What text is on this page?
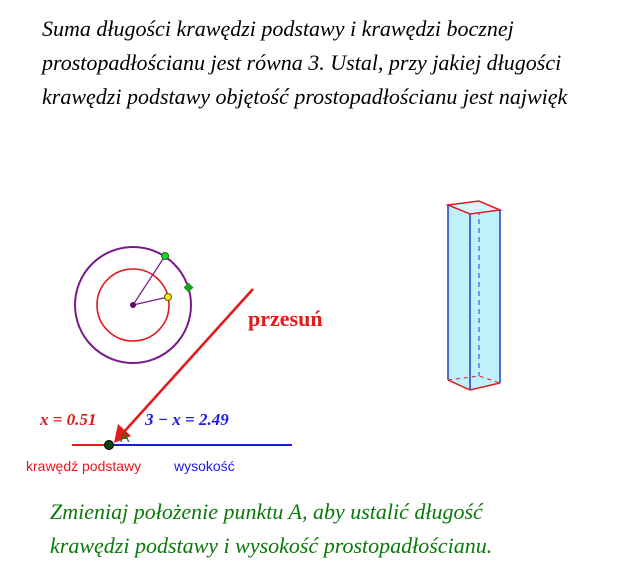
Suma długości krawędzi podstawy i krawędzi bocznej
prostopadłościanu jest równa 3. Ustal, przy jakiej długości
krawędzi podstawy objętość prostopadłościanu jest najwięk
przesuń
x = 0.51	3 − x = 2.49
A
krawędź podstawy wysokość
Zmieniaj położenie punktu A, aby ustalić długość
krawędzi podstawy i wysokość prostopadłościanu.
